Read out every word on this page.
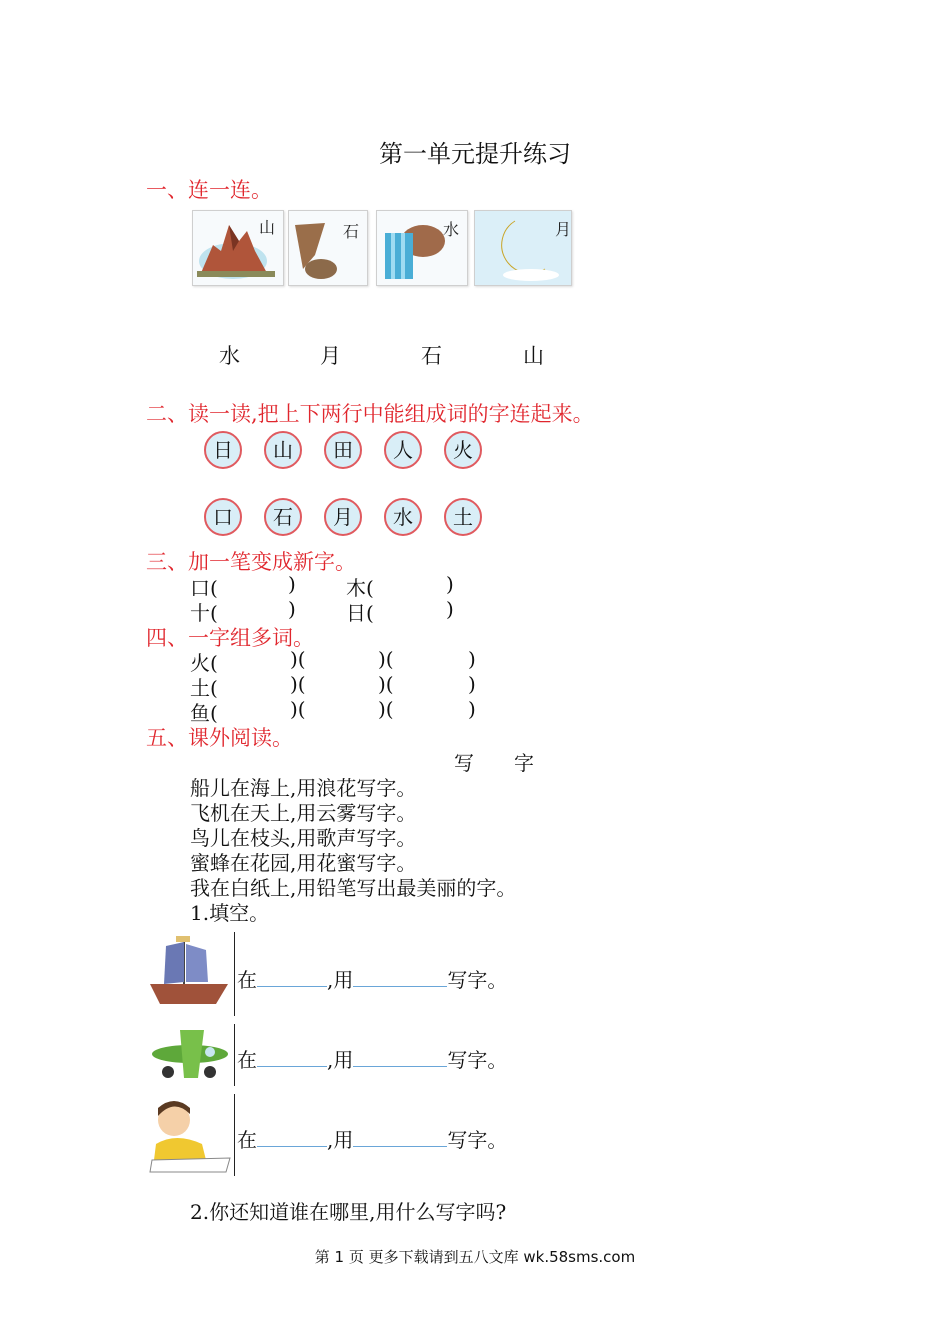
第一单元提升练习
一、连一连。
山	石	水	月
水	月	石	山
二、读一读,把上下两行中能组成词的字连起来。
日	山	田	人	火
口	石	月	水	土
三、加一笔变成新字。
口(	)	木(	)
十(	)	日(	)
四、一字组多词。
火(	)(	)(	)
土(	)(	)(	)
鱼(	)(	)(	)
五、课外阅读。
写　　字
船儿在海上,用浪花写字。
飞机在天上,用云雾写字。
鸟儿在枝头,用歌声写字。
蜜蜂在花园,用花蜜写字。
我在白纸上,用铅笔写出最美丽的字。
1.填空。
在	,用	写字。
在	,用	写字。
在	,用	写字。
2.你还知道谁在哪里,用什么写字吗?
第 1 页 更多下载请到五八文库 wk.58sms.com
